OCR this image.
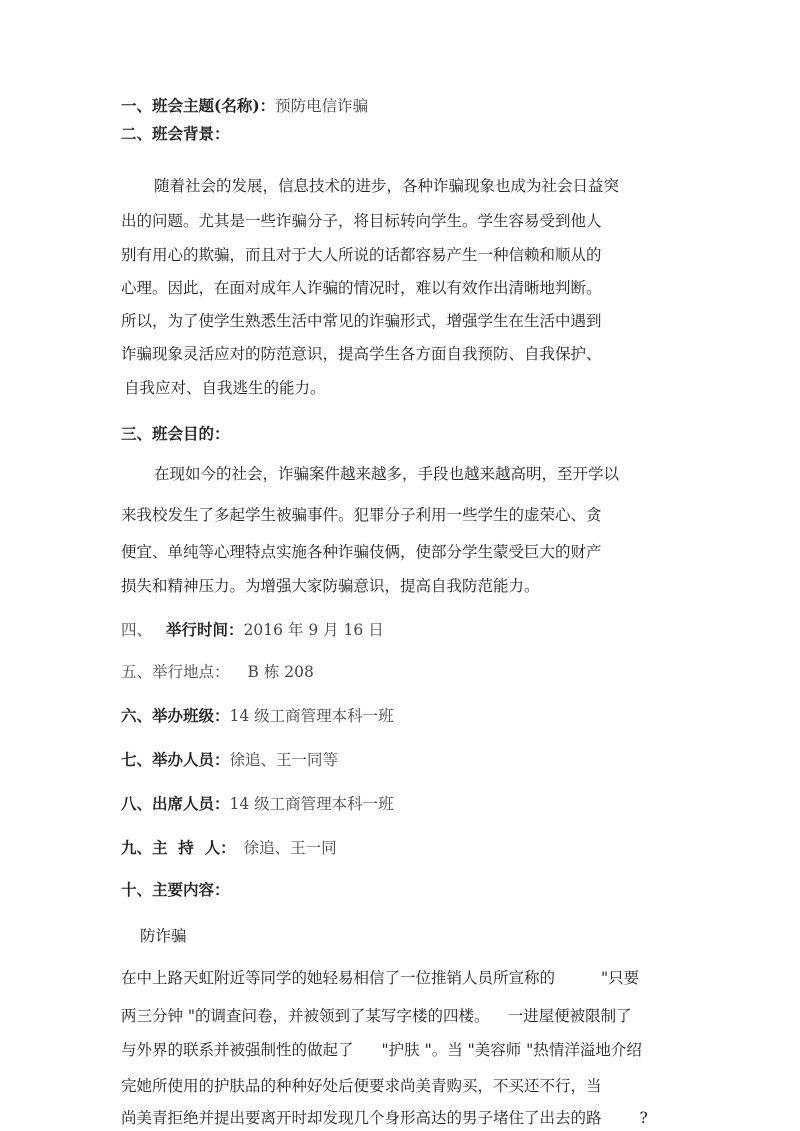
一、班会主题(名称)：预防电信诈骗
二、班会背景：
随着社会的发展，信息技术的进步，各种诈骗现象也成为社会日益突
出的问题。尤其是一些诈骗分子，将目标转向学生。学生容易受到他人
别有用心的欺骗，而且对于大人所说的话都容易产生一种信赖和顺从的
心理。因此，在面对成年人诈骗的情况时，难以有效作出清晰地判断。
所以，为了使学生熟悉生活中常见的诈骗形式，增强学生在生活中遇到
诈骗现象灵活应对的防范意识，提高学生各方面自我预防、自我保护、
自我应对、自我逃生的能力。
三、班会目的：
在现如今的社会，诈骗案件越来越多，手段也越来越高明，至开学以
来我校发生了多起学生被骗事件。犯罪分子利用一些学生的虚荣心、贪
便宜、单纯等心理特点实施各种诈骗伎俩，使部分学生蒙受巨大的财产
损失和精神压力。为增强大家防骗意识，提高自我防范能力。
四、 举行时间：2016 年 9 月 16 日
五、举行地点： B 栋 208
六、举办班级：14 级工商管理本科一班
七、举办人员：徐追、王一同等
八、出席人员：14 级工商管理本科一班
九、主  持  人： 徐追、王一同
十、主要内容：
防诈骗
在中上路天虹附近等同学的她轻易相信了一位推销人员所宣称的	"只要
两三分钟 "的调查问卷，并被领到了某写字楼的四楼。 一进屋便被限制了
与外界的联系并被强制性的做起了 "护肤 "。当 "美容师 "热情洋溢地介绍
完她所使用的护肤品的种种好处后便要求尚美青购买，不买还不行，当
尚美青拒绝并提出要离开时却发现几个身形高达的男子堵住了出去的路 ?
